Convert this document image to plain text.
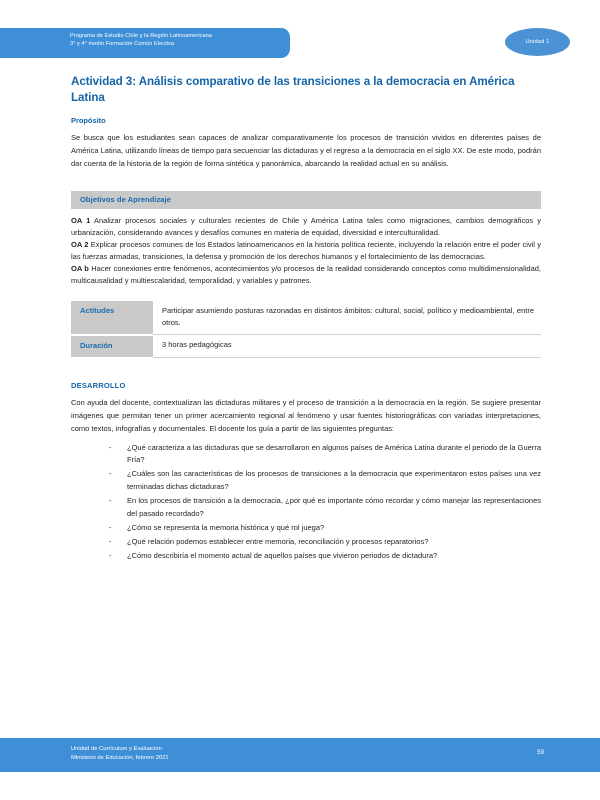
Programa de Estudio Chile y la Región Latinoamericana
3° y 4° medio Formación Común Electiva	Unidad 1
Actividad 3: Análisis comparativo de las transiciones a la democracia en América Latina
Propósito

Se busca que los estudiantes sean capaces de analizar comparativamente los procesos de transición vividos en diferentes países de América Latina, utilizando líneas de tiempo para secuenciar las dictaduras y el regreso a la democracia en el siglo XX. De este modo, podrán dar cuenta de la historia de la región de forma sintética y panorámica, abarcando la realidad actual en su análisis.

Objetivos de Aprendizaje

OA 1 Analizar procesos sociales y culturales recientes de Chile y América Latina tales como migraciones, cambios demográficos y urbanización, considerando avances y desafíos comunes en materia de equidad, diversidad e interculturalidad.

OA 2 Explicar procesos comunes de los Estados latinoamericanos en la historia política reciente, incluyendo la relación entre el poder civil y las fuerzas armadas, transiciones, la defensa y promoción de los derechos humanos y el fortalecimiento de las democracias.

OA b Hacer conexiones entre fenómenos, acontecimientos y/o procesos de la realidad considerando conceptos como multidimensionalidad, multicausalidad y multiescalaridad, temporalidad, y variables y patrones.

Actitudes	Participar asumiendo posturas razonadas en distintos ámbitos: cultural, social, político y medioambiental, entre otros.
Duración	3 horas pedagógicas
DESARROLLO

Con ayuda del docente, contextualizan las dictaduras militares y el proceso de transición a la democracia en la región. Se sugiere presentar imágenes que permitan tener un primer acercamiento regional al fenómeno y usar fuentes historiográficas con variadas interpretaciones, como textos, infografías y documentales. El docente los guía a partir de las siguientes preguntas:

- ¿Qué caracteriza a las dictaduras que se desarrollaron en algunos países de América Latina durante el periodo de la Guerra Fría?
- ¿Cuáles son las características de los procesos de transiciones a la democracia que experimentaron estos países una vez terminadas dichas dictaduras?
- En los procesos de transición a la democracia, ¿por qué es importante cómo recordar y cómo manejar las representaciones del pasado recordado?
- ¿Cómo se representa la memoria histórica y qué rol juega?
- ¿Qué relación podemos establecer entre memoria, reconciliación y procesos reparatorios?
- ¿Cómo describiría el momento actual de aquellos países que vivieron periodos de dictadura?
Unidad de Currículum y Evaluación
Ministerio de Educación, febrero 2021
59
